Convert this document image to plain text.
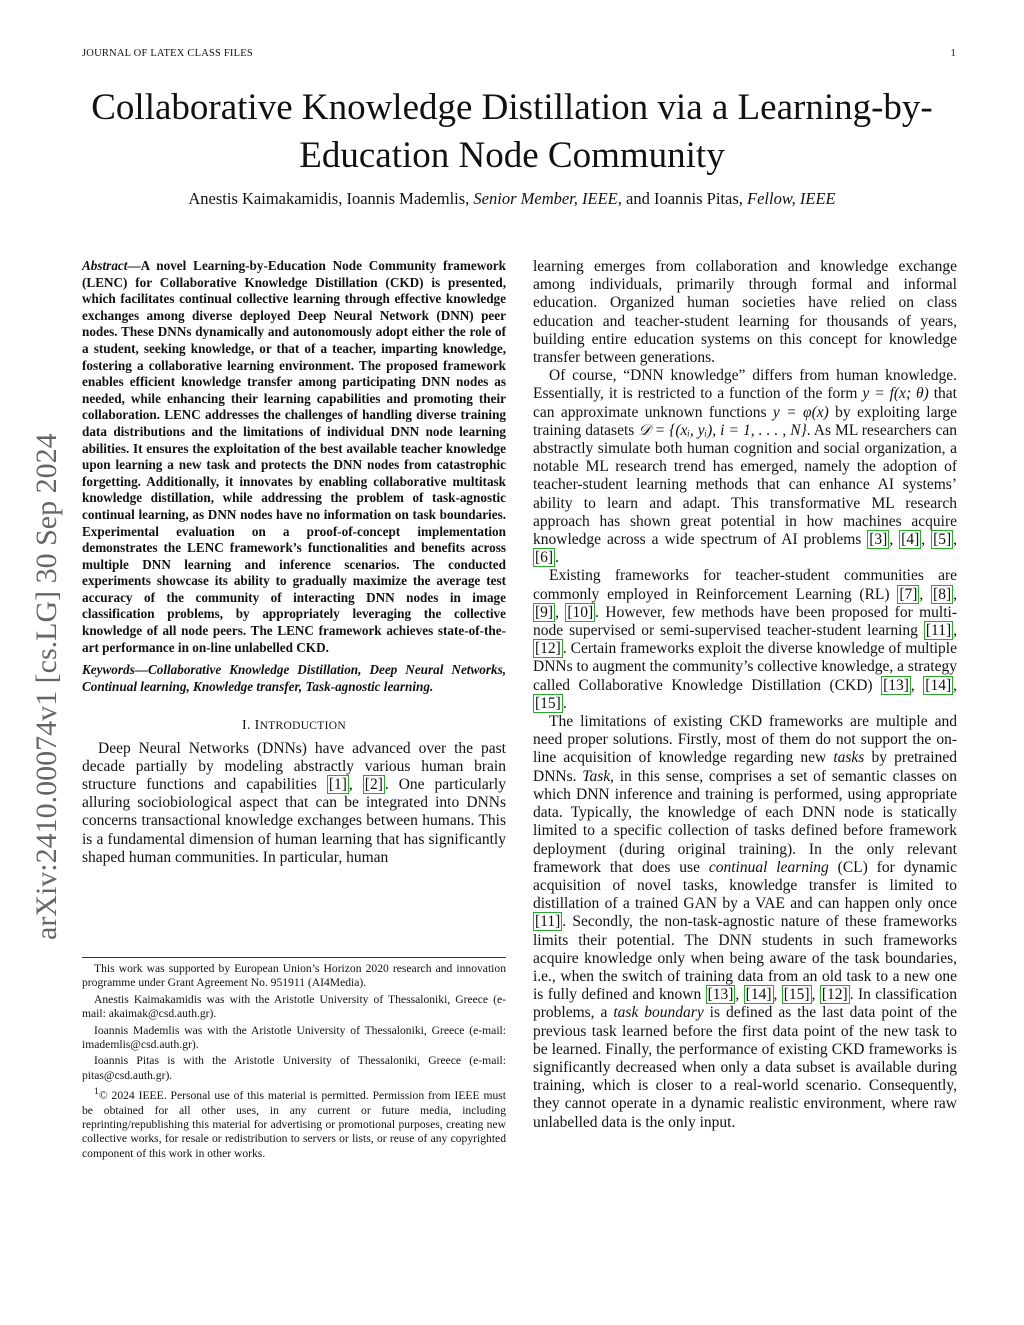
JOURNAL OF LATEX CLASS FILES	1
arXiv:2410.00074v1 [cs.LG] 30 Sep 2024
Collaborative Knowledge Distillation via a Learning-by-Education Node Community
Anestis Kaimakamidis, Ioannis Mademlis, Senior Member, IEEE, and Ioannis Pitas, Fellow, IEEE

Abstract—A novel Learning-by-Education Node Community framework (LENC) for Collaborative Knowledge Distillation (CKD) is presented, which facilitates continual collective learning through effective knowledge exchanges among diverse deployed Deep Neural Network (DNN) peer nodes. These DNNs dynamically and autonomously adopt either the role of a student, seeking knowledge, or that of a teacher, imparting knowledge, fostering a collaborative learning environment. The proposed framework enables efficient knowledge transfer among participating DNN nodes as needed, while enhancing their learning capabilities and promoting their collaboration. LENC addresses the challenges of handling diverse training data distributions and the limitations of individual DNN node learning abilities. It ensures the exploitation of the best available teacher knowledge upon learning a new task and protects the DNN nodes from catastrophic forgetting. Additionally, it innovates by enabling collaborative multitask knowledge distillation, while addressing the problem of task-agnostic continual learning, as DNN nodes have no information on task boundaries. Experimental evaluation on a proof-of-concept implementation demonstrates the LENC framework’s functionalities and benefits across multiple DNN learning and inference scenarios. The conducted experiments showcase its ability to gradually maximize the average test accuracy of the community of interacting DNN nodes in image classification problems, by appropriately leveraging the collective knowledge of all node peers. The LENC framework achieves state-of-the-art performance in on-line unlabelled CKD.

Keywords—Collaborative Knowledge Distillation, Deep Neural Networks, Continual learning, Knowledge transfer, Task-agnostic learning.

I. INTRODUCTION

Deep Neural Networks (DNNs) have advanced over the past decade partially by modeling abstractly various human brain structure functions and capabilities [1] , [2] . One particularly alluring sociobiological aspect that can be integrated into DNNs concerns transactional knowledge exchanges between humans. This is a fundamental dimension of human learning that has significantly shaped human communities. In particular, human

This work was supported by European Union’s Horizon 2020 research and innovation programme under Grant Agreement No. 951911 (AI4Media).

Anestis Kaimakamidis was with the Aristotle University of Thessaloniki, Greece (e-mail: akaimak@csd.auth.gr).

Ioannis Mademlis was with the Aristotle University of Thessaloniki, Greece (e-mail: imademlis@csd.auth.gr).

Ioannis Pitas is with the Aristotle University of Thessaloniki, Greece (e-mail: pitas@csd.auth.gr).

$^1$© 2024 IEEE. Personal use of this material is permitted. Permission from IEEE must be obtained for all other uses, in any current or future media, including reprinting/republishing this material for advertising or promotional purposes, creating new collective works, for resale or redistribution to servers or lists, or reuse of any copyrighted component of this work in other works.

learning emerges from collaboration and knowledge exchange among individuals, primarily through formal and informal education. Organized human societies have relied on class education and teacher-student learning for thousands of years, building entire education systems on this concept for knowledge transfer between generations.

Of course, “DNN knowledge” differs from human knowledge. Essentially, it is restricted to a function of the form y = f(x; θ) that can approximate unknown functions y = φ(x) by exploiting large training datasets 𝒟 = {(xᵢ, yᵢ), i = 1, . . . , N}. As ML researchers can abstractly simulate both human cognition and social organization, a notable ML research trend has emerged, namely the adoption of teacher-student learning methods that can enhance AI systems’ ability to learn and adapt. This transformative ML research approach has shown great potential in how machines acquire knowledge across a wide spectrum of AI problems [3] , [4] , [5] , [6] .

Existing frameworks for teacher-student communities are commonly employed in Reinforcement Learning (RL) [7] , [8] , [9] , [10] . However, few methods have been proposed for multi-node supervised or semi-supervised teacher-student learning [11] , [12] . Certain frameworks exploit the diverse knowledge of multiple DNNs to augment the community’s collective knowledge, a strategy called Collaborative Knowledge Distillation (CKD) [13] , [14] , [15] .

The limitations of existing CKD frameworks are multiple and need proper solutions. Firstly, most of them do not support the on-line acquisition of knowledge regarding new tasks by pretrained DNNs. Task, in this sense, comprises a set of semantic classes on which DNN inference and training is performed, using appropriate data. Typically, the knowledge of each DNN node is statically limited to a specific collection of tasks defined before framework deployment (during original training). In the only relevant framework that does use continual learning (CL) for dynamic acquisition of novel tasks, knowledge transfer is limited to distillation of a trained GAN by a VAE and can happen only once [11] . Secondly, the non-task-agnostic nature of these frameworks limits their potential. The DNN students in such frameworks acquire knowledge only when being aware of the task boundaries, i.e., when the switch of training data from an old task to a new one is fully defined and known [13] , [14] , [15] , [12] . In classification problems, a task boundary is defined as the last data point of the previous task learned before the first data point of the new task to be learned. Finally, the performance of existing CKD frameworks is significantly decreased when only a data subset is available during training, which is closer to a real-world scenario. Consequently, they cannot operate in a dynamic realistic environment, where raw unlabelled data is the only input.
